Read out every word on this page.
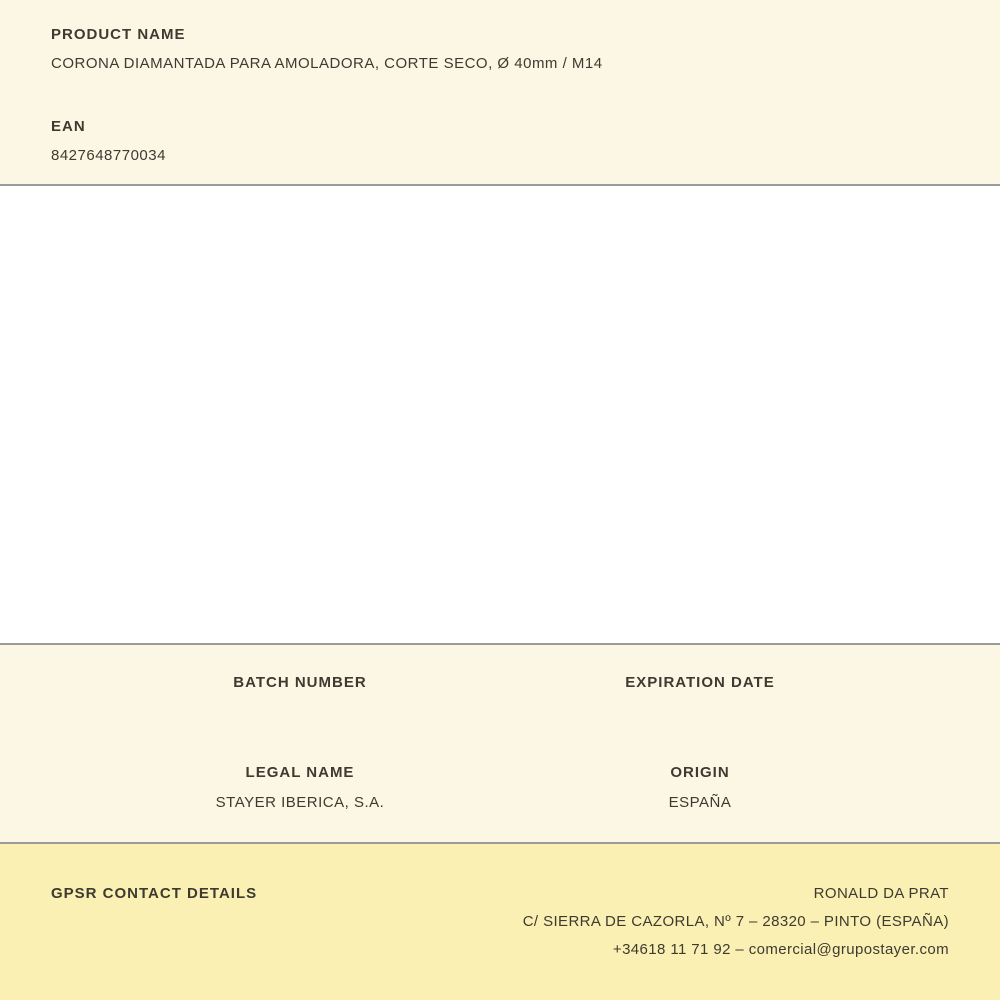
PRODUCT NAME
CORONA DIAMANTADA PARA AMOLADORA, CORTE SECO, Ø 40mm / M14
EAN
8427648770034
BATCH NUMBER	EXPIRATION DATE
LEGAL NAME
STAYER IBERICA, S.A.
ORIGIN
ESPAÑA
GPSR CONTACT DETAILS	RONALD DA PRAT
C/ SIERRA DE CAZORLA, Nº 7 – 28320 – PINTO (ESPAÑA)
+34618 11 71 92 – comercial@grupostayer.com
